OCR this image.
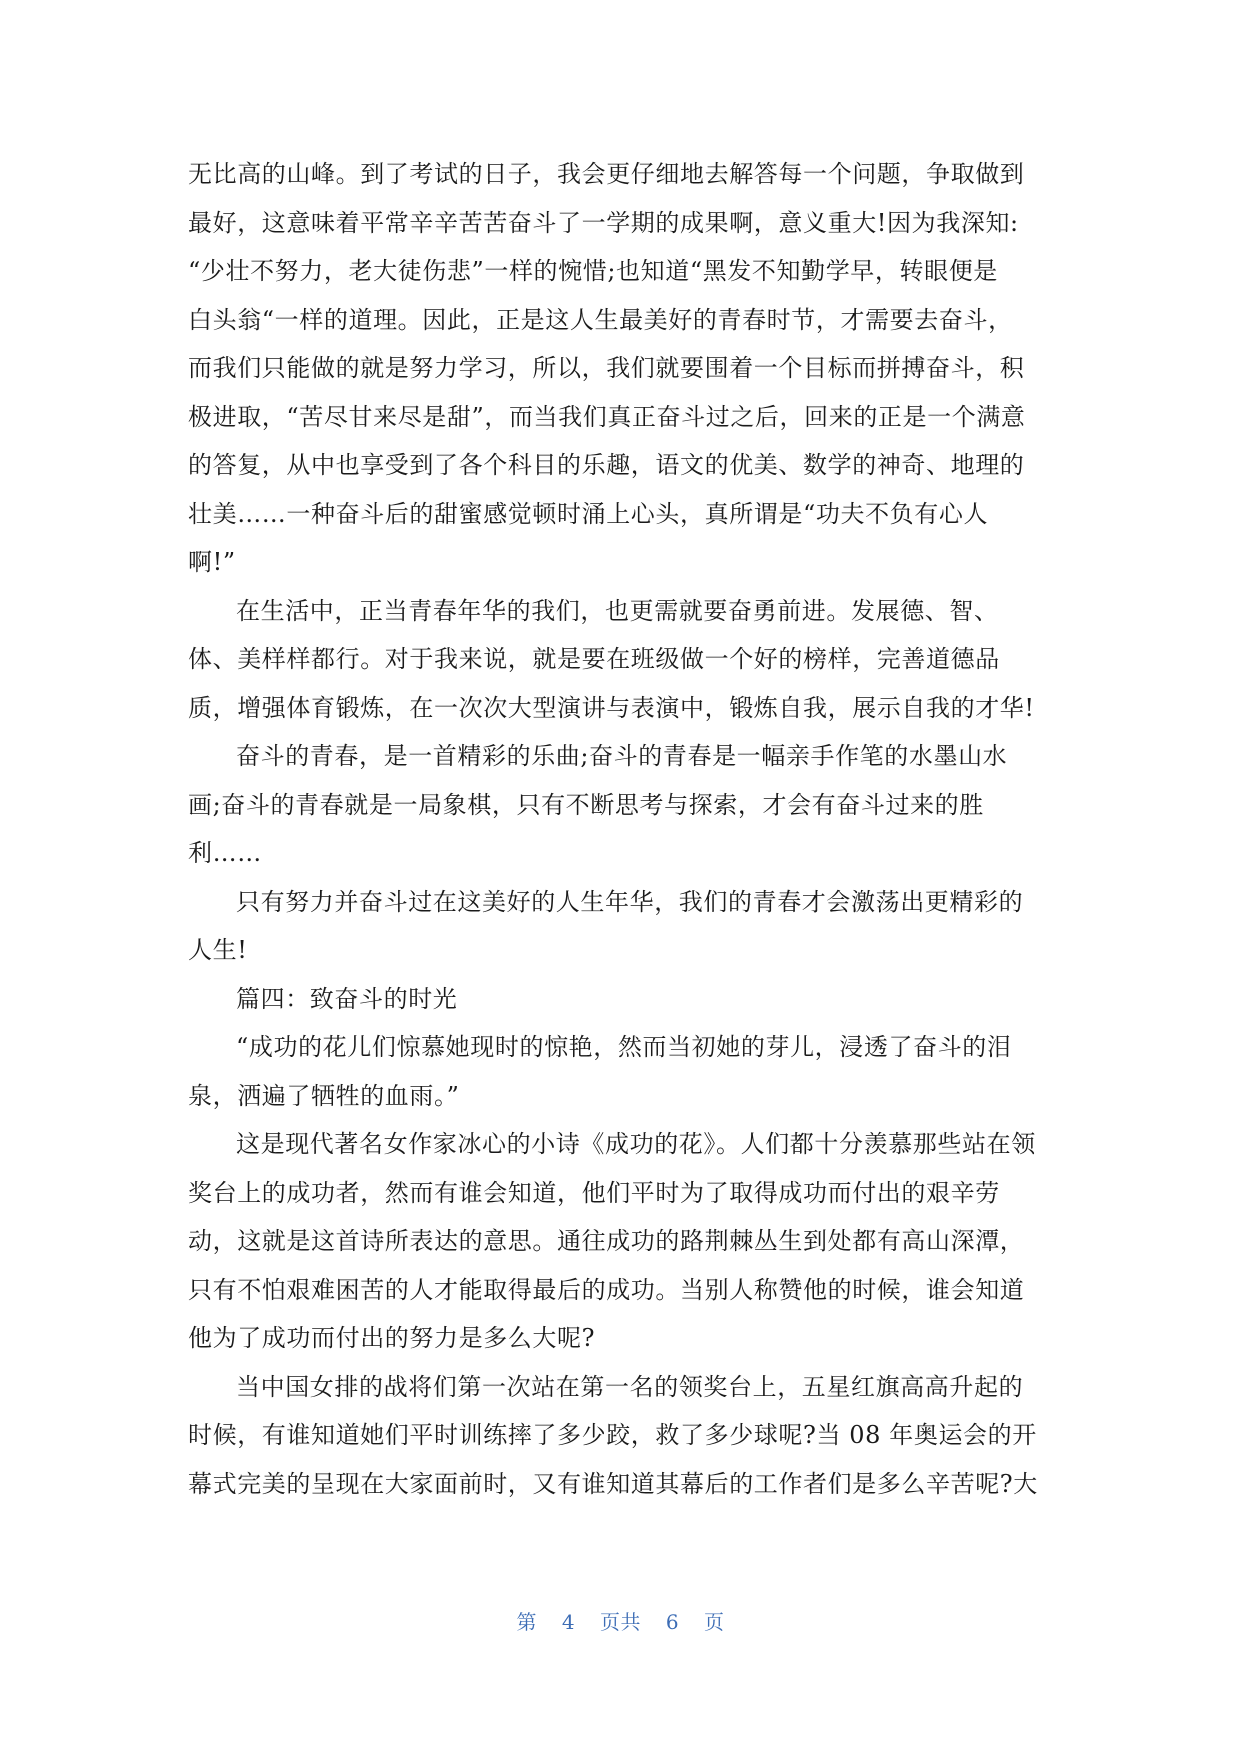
无比高的山峰。到了考试的日子，我会更仔细地去解答每一个问题，争取做到
最好，这意味着平常辛辛苦苦奋斗了一学期的成果啊，意义重大!因为我深知:
“少壮不努力，老大徒伤悲”一样的惋惜;也知道“黑发不知勤学早，转眼便是
白头翁“一样的道理。因此，正是这人生最美好的青春时节，才需要去奋斗，
而我们只能做的就是努力学习，所以，我们就要围着一个目标而拼搏奋斗，积
极进取，“苦尽甘来尽是甜”，而当我们真正奋斗过之后，回来的正是一个满意
的答复，从中也享受到了各个科目的乐趣，语文的优美、数学的神奇、地理的
壮美……一种奋斗后的甜蜜感觉顿时涌上心头，真所谓是“功夫不负有心人
啊!”
在生活中，正当青春年华的我们，也更需就要奋勇前进。发展德、智、
体、美样样都行。对于我来说，就是要在班级做一个好的榜样，完善道德品
质，增强体育锻炼，在一次次大型演讲与表演中，锻炼自我，展示自我的才华!
奋斗的青春，是一首精彩的乐曲;奋斗的青春是一幅亲手作笔的水墨山水
画;奋斗的青春就是一局象棋，只有不断思考与探索，才会有奋斗过来的胜
利……
只有努力并奋斗过在这美好的人生年华，我们的青春才会激荡出更精彩的
人生!
篇四：致奋斗的时光
“成功的花儿们惊慕她现时的惊艳，然而当初她的芽儿，浸透了奋斗的泪
泉，洒遍了牺牲的血雨。”
这是现代著名女作家冰心的小诗《成功的花》。人们都十分羡慕那些站在领
奖台上的成功者，然而有谁会知道，他们平时为了取得成功而付出的艰辛劳
动，这就是这首诗所表达的意思。通往成功的路荆棘丛生到处都有高山深潭，
只有不怕艰难困苦的人才能取得最后的成功。当别人称赞他的时候，谁会知道
他为了成功而付出的努力是多么大呢?
当中国女排的战将们第一次站在第一名的领奖台上，五星红旗高高升起的
时候，有谁知道她们平时训练摔了多少跤，救了多少球呢?当 08 年奥运会的开
幕式完美的呈现在大家面前时，又有谁知道其幕后的工作者们是多么辛苦呢?大
第 4 页共 6 页
